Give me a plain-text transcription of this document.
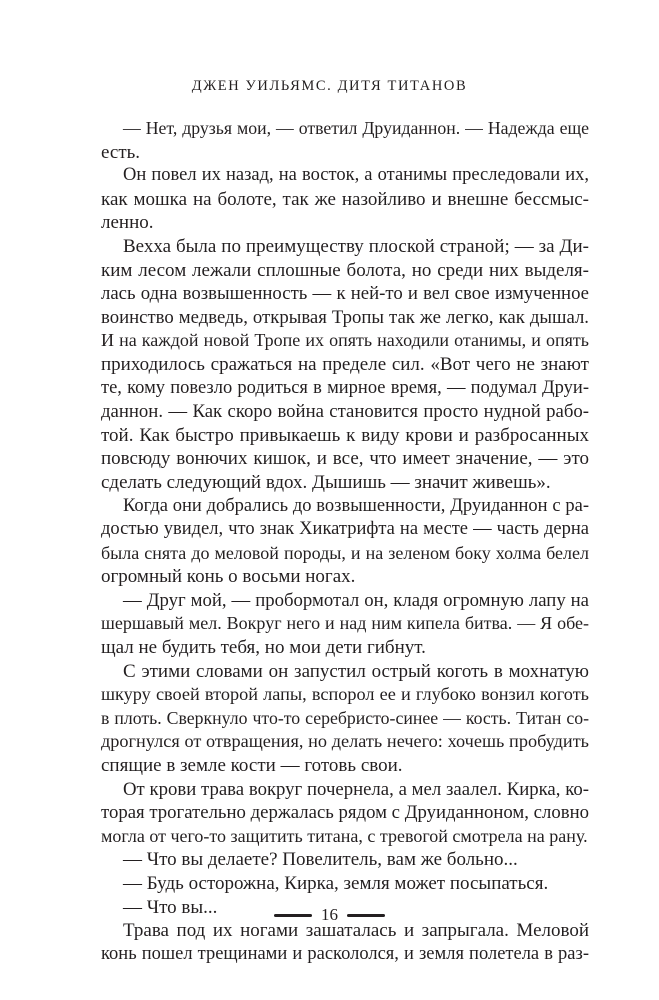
ДЖЕН УИЛЬЯМС. ДИТЯ ТИТАНОВ
— Нет, друзья мои, — ответил Друиданнон. — Надежда еще
есть.
Он повел их назад, на восток, а отанимы преследовали их,
как мошка на болоте, так же назойливо и внешне бессмыс-
ленно.
Вехха была по преимуществу плоской страной; — за Ди-
ким лесом лежали сплошные болота, но среди них выделя-
лась одна возвышенность — к ней-то и вел свое измученное
воинство медведь, открывая Тропы так же легко, как дышал.
И на каждой новой Тропе их опять находили отанимы, и опять
приходилось сражаться на пределе сил. «Вот чего не знают
те, кому повезло родиться в мирное время, — подумал Друи-
даннон. — Как скоро война становится просто нудной рабо-
той. Как быстро привыкаешь к виду крови и разбросанных
повсюду вонючих кишок, и все, что имеет значение, — это
сделать следующий вдох. Дышишь — значит живешь».
Когда они добрались до возвышенности, Друиданнон с ра-
достью увидел, что знак Хикатрифта на месте — часть дерна
была снята до меловой породы, и на зеленом боку холма белел
огромный конь о восьми ногах.
— Друг мой, — пробормотал он, кладя огромную лапу на
шершавый мел. Вокруг него и над ним кипела битва. — Я обе-
щал не будить тебя, но мои дети гибнут.
С этими словами он запустил острый коготь в мохнатую
шкуру своей второй лапы, вспорол ее и глубоко вонзил коготь
в плоть. Сверкнуло что-то серебристо-синее — кость. Титан со-
дрогнулся от отвращения, но делать нечего: хочешь пробудить
спящие в земле кости — готовь свои.
От крови трава вокруг почернела, а мел заалел. Кирка, ко-
торая трогательно держалась рядом с Друиданноном, словно
могла от чего-то защитить титана, с тревогой смотрела на рану.
— Что вы делаете? Повелитель, вам же больно...
— Будь осторожна, Кирка, земля может посыпаться.
— Что вы...
Трава под их ногами зашаталась и запрыгала. Меловой
конь пошел трещинами и раскололся, и земля полетела в раз-
16
